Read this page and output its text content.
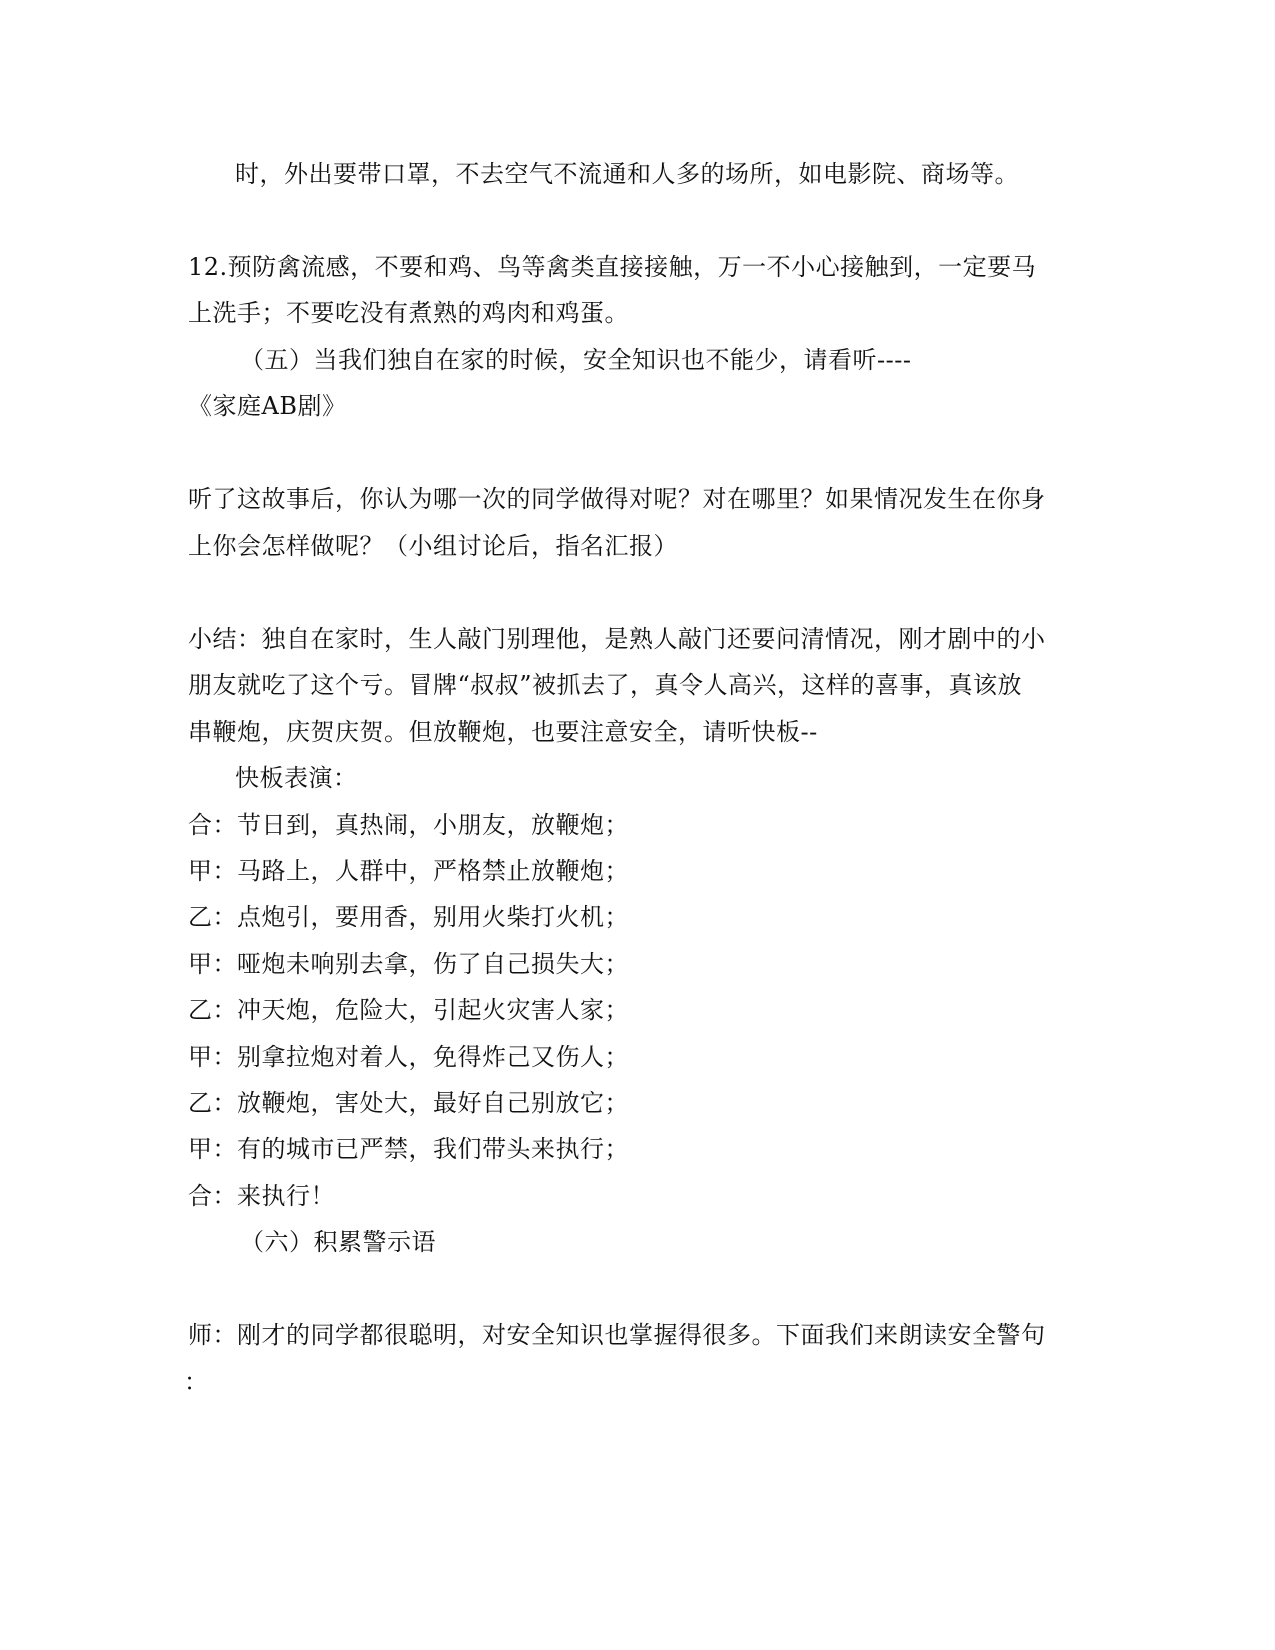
时，外出要带口罩，不去空气不流通和人多的场所，如电影院、商场等。
12.预防禽流感，不要和鸡、鸟等禽类直接接触，万一不小心接触到，一定要马
上洗手；不要吃没有煮熟的鸡肉和鸡蛋。
（五）当我们独自在家的时候，安全知识也不能少，请看听----
《家庭AB剧》
听了这故事后，你认为哪一次的同学做得对呢？对在哪里？如果情况发生在你身
上你会怎样做呢？（小组讨论后，指名汇报）
小结：独自在家时，生人敲门别理他，是熟人敲门还要问清情况，刚才剧中的小
朋友就吃了这个亏。冒牌“叔叔”被抓去了，真令人高兴，这样的喜事，真该放
串鞭炮，庆贺庆贺。但放鞭炮，也要注意安全，请听快板--
快板表演：
合：节日到，真热闹，小朋友，放鞭炮；
甲：马路上，人群中，严格禁止放鞭炮；
乙：点炮引，要用香，别用火柴打火机；
甲：哑炮未响别去拿，伤了自己损失大；
乙：冲天炮，危险大，引起火灾害人家；
甲：别拿拉炮对着人，免得炸己又伤人；
乙：放鞭炮，害处大，最好自己别放它；
甲：有的城市已严禁，我们带头来执行；
合：来执行！
（六）积累警示语
师：刚才的同学都很聪明，对安全知识也掌握得很多。下面我们来朗读安全警句
：
